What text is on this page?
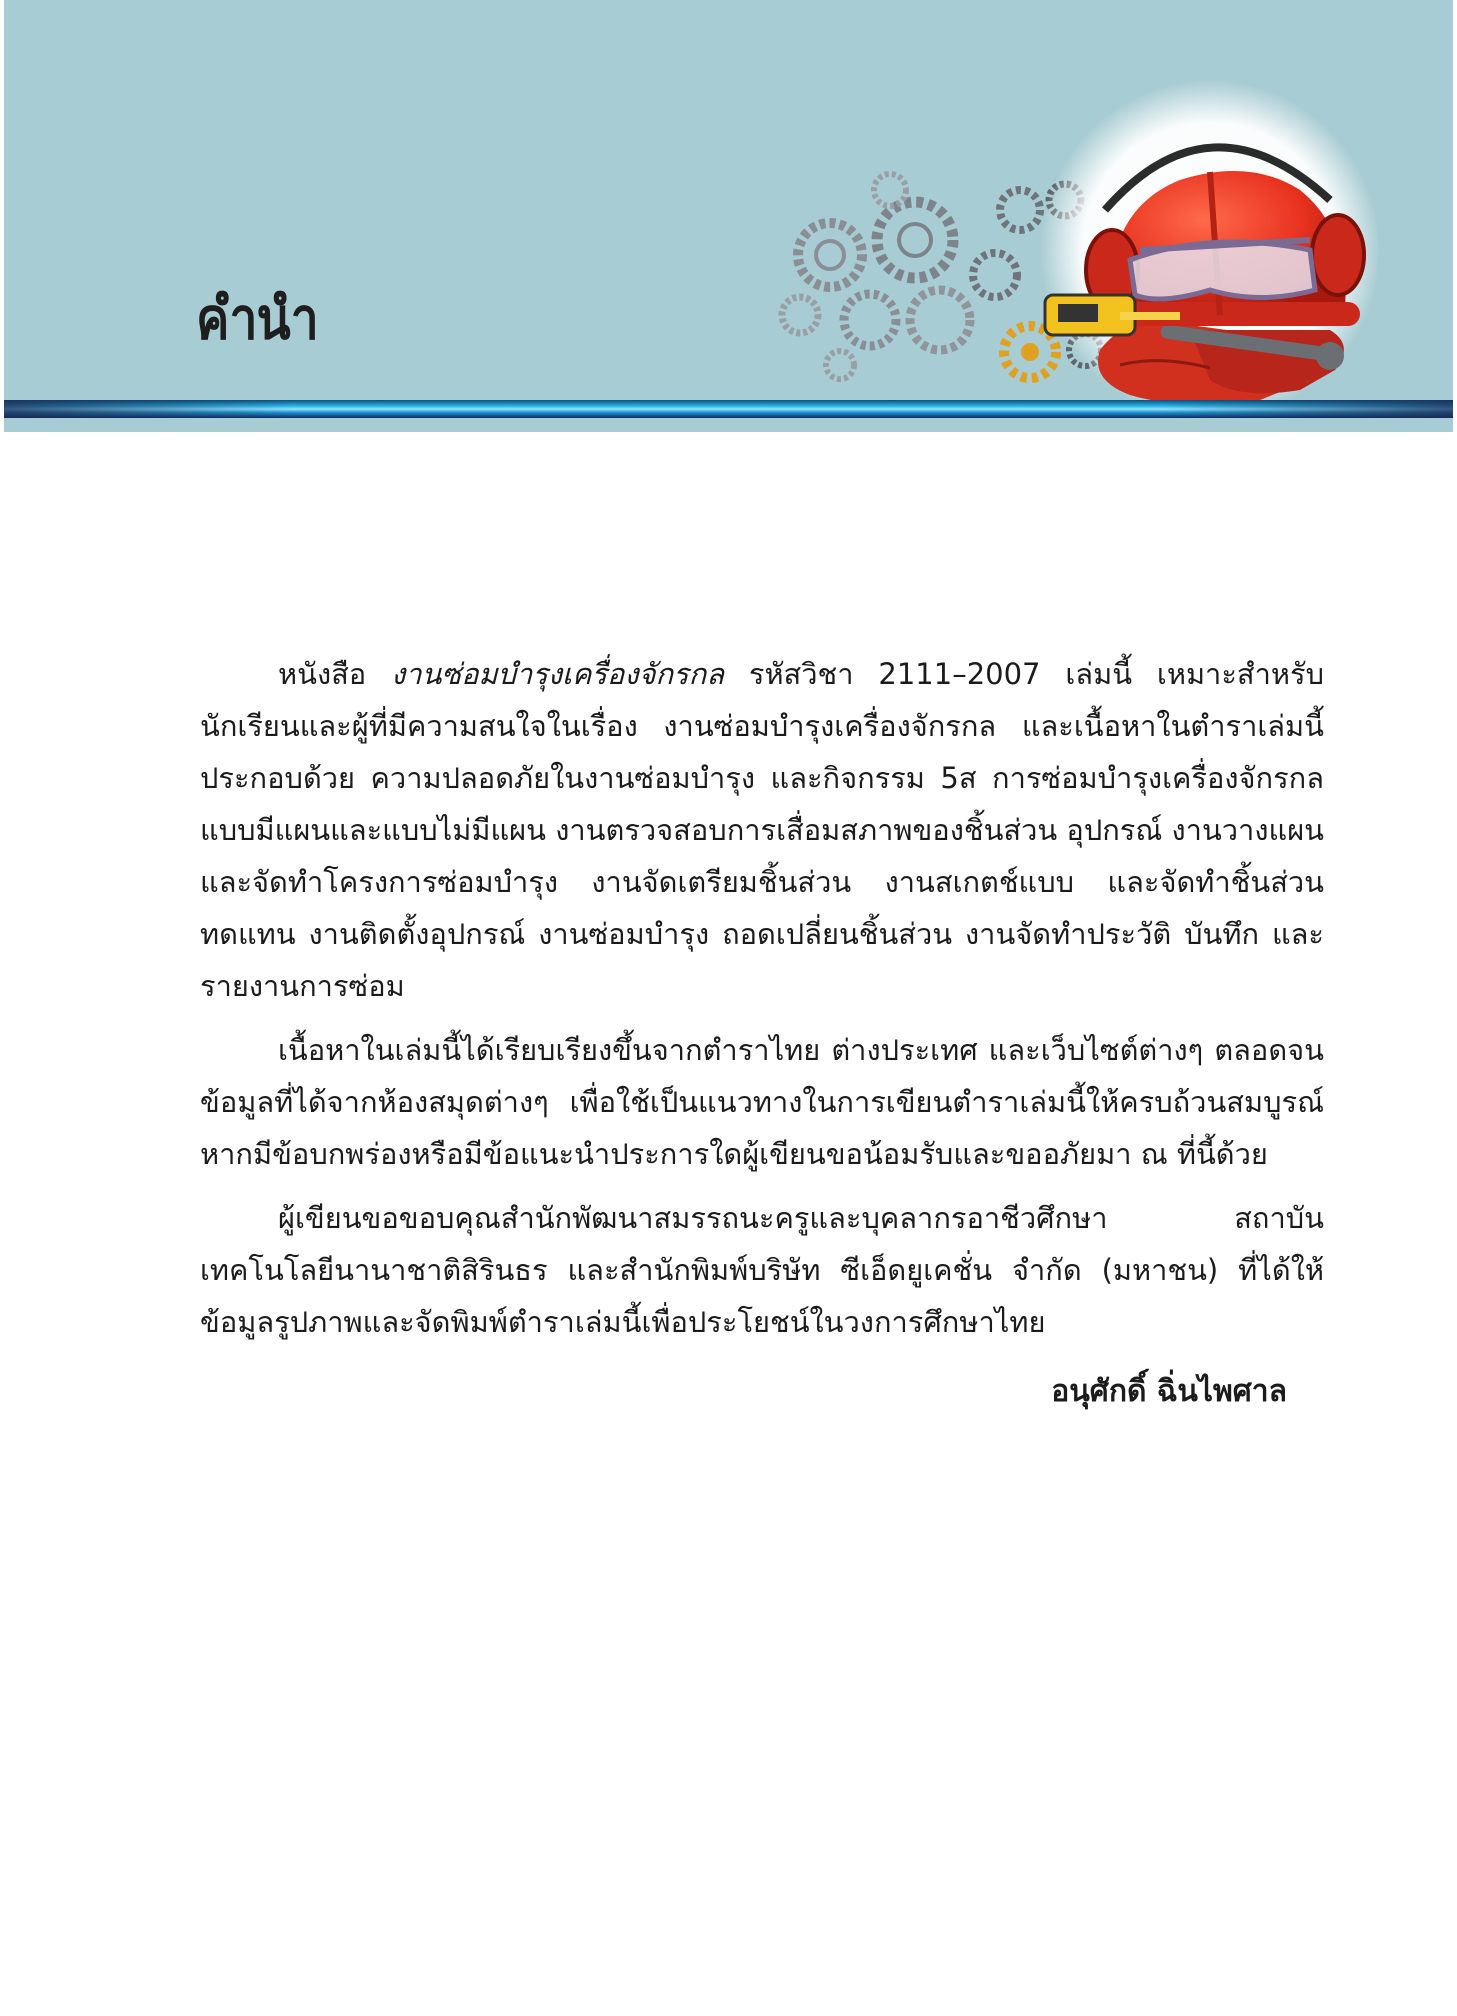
คำนำ

หนังสือ งานซ่อมบำรุงเครื่องจักรกล รหัสวิชา 2111–2007 เล่มนี้ เหมาะสำหรับนักเรียนและผู้ที่มีความสนใจในเรื่อง งานซ่อมบำรุงเครื่องจักรกล และเนื้อหาในตำราเล่มนี้ประกอบด้วย ความปลอดภัยในงานซ่อมบำรุง และกิจกรรม 5ส การซ่อมบำรุงเครื่องจักรกลแบบมีแผนและแบบไม่มีแผน งานตรวจสอบการเสื่อมสภาพของชิ้นส่วน อุปกรณ์ งานวางแผนและจัดทำโครงการซ่อมบำรุง งานจัดเตรียมชิ้นส่วน งานสเกตช์แบบ และจัดทำชิ้นส่วนทดแทน งานติดตั้งอุปกรณ์ งานซ่อมบำรุง ถอดเปลี่ยนชิ้นส่วน งานจัดทำประวัติ บันทึก และรายงานการซ่อม

เนื้อหาในเล่มนี้ได้เรียบเรียงขึ้นจากตำราไทย ต่างประเทศ และเว็บไซต์ต่างๆ ตลอดจนข้อมูลที่ได้จากห้องสมุดต่างๆ เพื่อใช้เป็นแนวทางในการเขียนตำราเล่มนี้ให้ครบถ้วนสมบูรณ์ หากมีข้อบกพร่องหรือมีข้อแนะนำประการใดผู้เขียนขอน้อมรับและขออภัยมา ณ ที่นี้ด้วย

ผู้เขียนขอขอบคุณสำนักพัฒนาสมรรถนะครูและบุคลากรอาชีวศึกษา สถาบันเทคโนโลยีนานาชาติสิรินธร และสำนักพิมพ์บริษัท ซีเอ็ดยูเคชั่น จำกัด (มหาชน) ที่ได้ให้ข้อมูลรูปภาพและจัดพิมพ์ตำราเล่มนี้เพื่อประโยชน์ในวงการศึกษาไทย

อนุศักดิ์ ฉิ่นไพศาล
